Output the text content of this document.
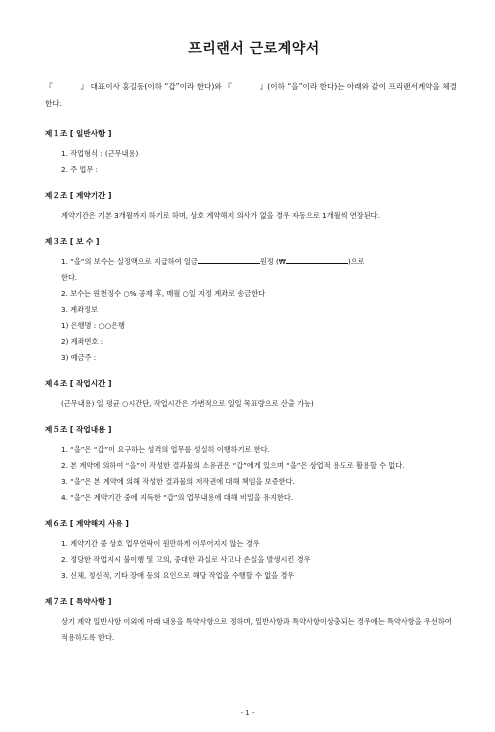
프리랜서 근로계약서

『	』 대표이사 홍길동(이하 “갑”이라 한다)와 『	』(이하 “을”이라 한다)는 아래와 같이 프리랜서계약을 체결한다.

제１조 [ 일반사항 ]

1. 작업형식 : (근무내용)

2. 주 업무 :

제２조 [ 계약기간 ]

계약기간은 기본 3개월까지 하기로 하며, 상호 계약해지 의사가 없을 경우 자동으로 1개월씩 연장된다.

제３조 [ 보 수 ]

1. “을”의 보수는 실정액으로 지급하여 일금	원정 (₩	)으로

한다.

2. 보수는 원천징수 ○% 공제 후, 매월 ○일 지정 계좌로 송금한다

3. 계좌정보

1) 은행명 : ○○은행

2) 계좌번호 :

3) 예금주 :

제４조 [ 작업시간 ]

(근무내용) 일 평균 ○시간단, 작업시간은 가변적으로 일일 목표량으로 산출 가능)

제５조 [ 작업내용 ]

1. “을”은 “갑”이 요구하는 성격의 업무를 성실히 이행하기로 한다.

2. 본 계약에 의하여 “을”이 작성한 결과물의 소유권은 “갑”에게 있으며 “을”은 상업적 용도로 활용할 수 없다.

3. “을”은 본 계약에 의해 작성한 결과물의 저작권에 대해 책임을 보증한다.

4. “을”은 계약기간 중에 지득한 “갑”의 업무내용에 대해 비밀을 유지한다.

제６조 [ 계약해지 사유 ]

1. 계약기간 중 상호 업무연락이 원만하게 이루어지지 않는 경우

2. 정당한 작업지시 불이행 및 고의, 중대한 과실로 사고나 손실을 발생시킨 경우

3. 신체, 정신적, 기타 장애 등의 요인으로 해당 작업을 수행할 수 없을 경우

제７조 [ 특약사항 ]

상기 계약 일반사항 이외에 아래 내용을 특약사항으로 정하며, 일반사항과 특약사항이상충되는 경우에는 특약사항을 우선하여 적용하도록 한다.

- 1 -
